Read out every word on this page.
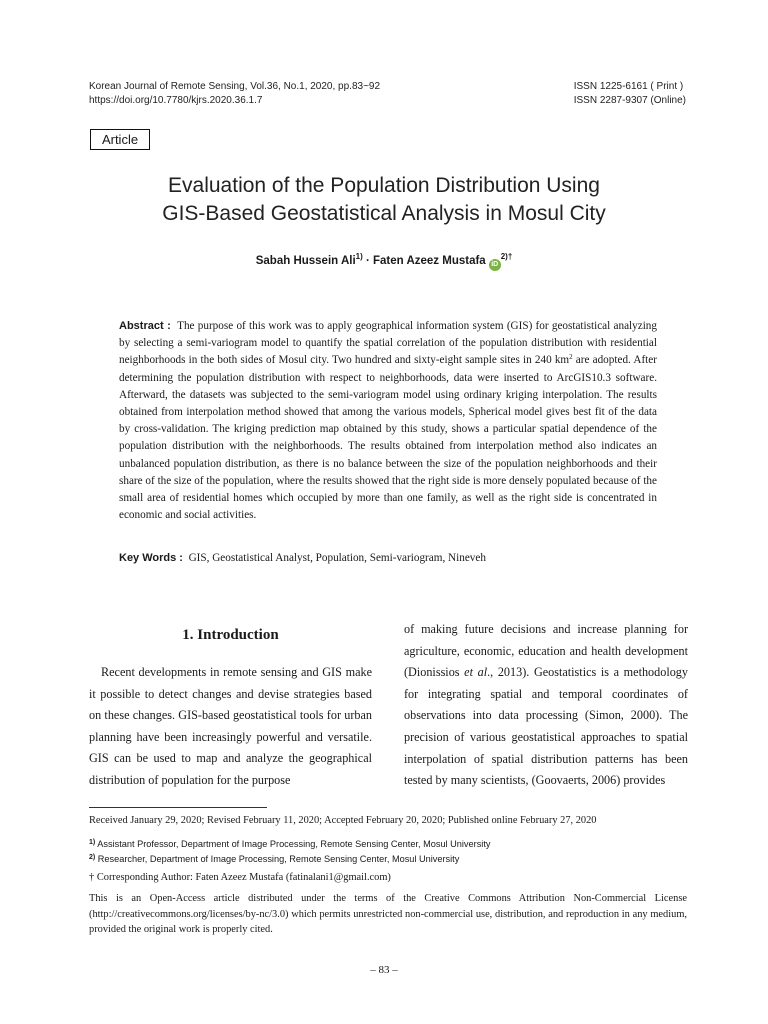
Korean Journal of Remote Sensing, Vol.36, No.1, 2020, pp.83~92
https://doi.org/10.7780/kjrs.2020.36.1.7
ISSN 1225-6161 ( Print )
ISSN 2287-9307 (Online)
Article
Evaluation of the Population Distribution Using
GIS-Based Geostatistical Analysis in Mosul City
Sabah Hussein Ali$^{1)}$ · Faten Azeez Mustafa $iD^{2)\dagger}$
Abstract : The purpose of this work was to apply geographical information system (GIS) for geostatistical analyzing by selecting a semi-variogram model to quantify the spatial correlation of the population distribution with residential neighborhoods in the both sides of Mosul city. Two hundred and sixty-eight sample sites in 240 $km^2$ are adopted. After determining the population distribution with respect to neighborhoods, data were inserted to ArcGIS10.3 software. Afterward, the datasets was subjected to the semi-variogram model using ordinary kriging interpolation. The results obtained from interpolation method showed that among the various models, Spherical model gives best fit of the data by cross-validation. The kriging prediction map obtained by this study, shows a particular spatial dependence of the population distribution with the neighborhoods. The results obtained from interpolation method also indicates an unbalanced population distribution, as there is no balance between the size of the population neighborhoods and their share of the size of the population, where the results showed that the right side is more densely populated because of the small area of residential homes which occupied by more than one family, as well as the right side is concentrated in economic and social activities.
Key Words : GIS, Geostatistical Analyst, Population, Semi-variogram, Nineveh
1. Introduction
Recent developments in remote sensing and GIS make it possible to detect changes and devise strategies based on these changes. GIS-based geostatistical tools for urban planning have been increasingly powerful and versatile. GIS can be used to map and analyze the geographical distribution of population for the purpose
of making future decisions and increase planning for agriculture, economic, education and health development (Dionissios et al., 2013). Geostatistics is a methodology for integrating spatial and temporal coordinates of observations into data processing (Simon, 2000). The precision of various geostatistical approaches to spatial interpolation of spatial distribution patterns has been tested by many scientists, (Goovaerts, 2006) provides
Received January 29, 2020; Revised February 11, 2020; Accepted February 20, 2020; Published online February 27, 2020
$^{1)}$ Assistant Professor, Department of Image Processing, Remote Sensing Center, Mosul University
$^{2)}$ Researcher, Department of Image Processing, Remote Sensing Center, Mosul University
† Corresponding Author: Faten Azeez Mustafa (fatinalani1@gmail.com)
This is an Open-Access article distributed under the terms of the Creative Commons Attribution Non-Commercial License (http://creativecommons.org/licenses/by-nc/3.0) which permits unrestricted non-commercial use, distribution, and reproduction in any medium, provided the original work is properly cited.
– 83 –
